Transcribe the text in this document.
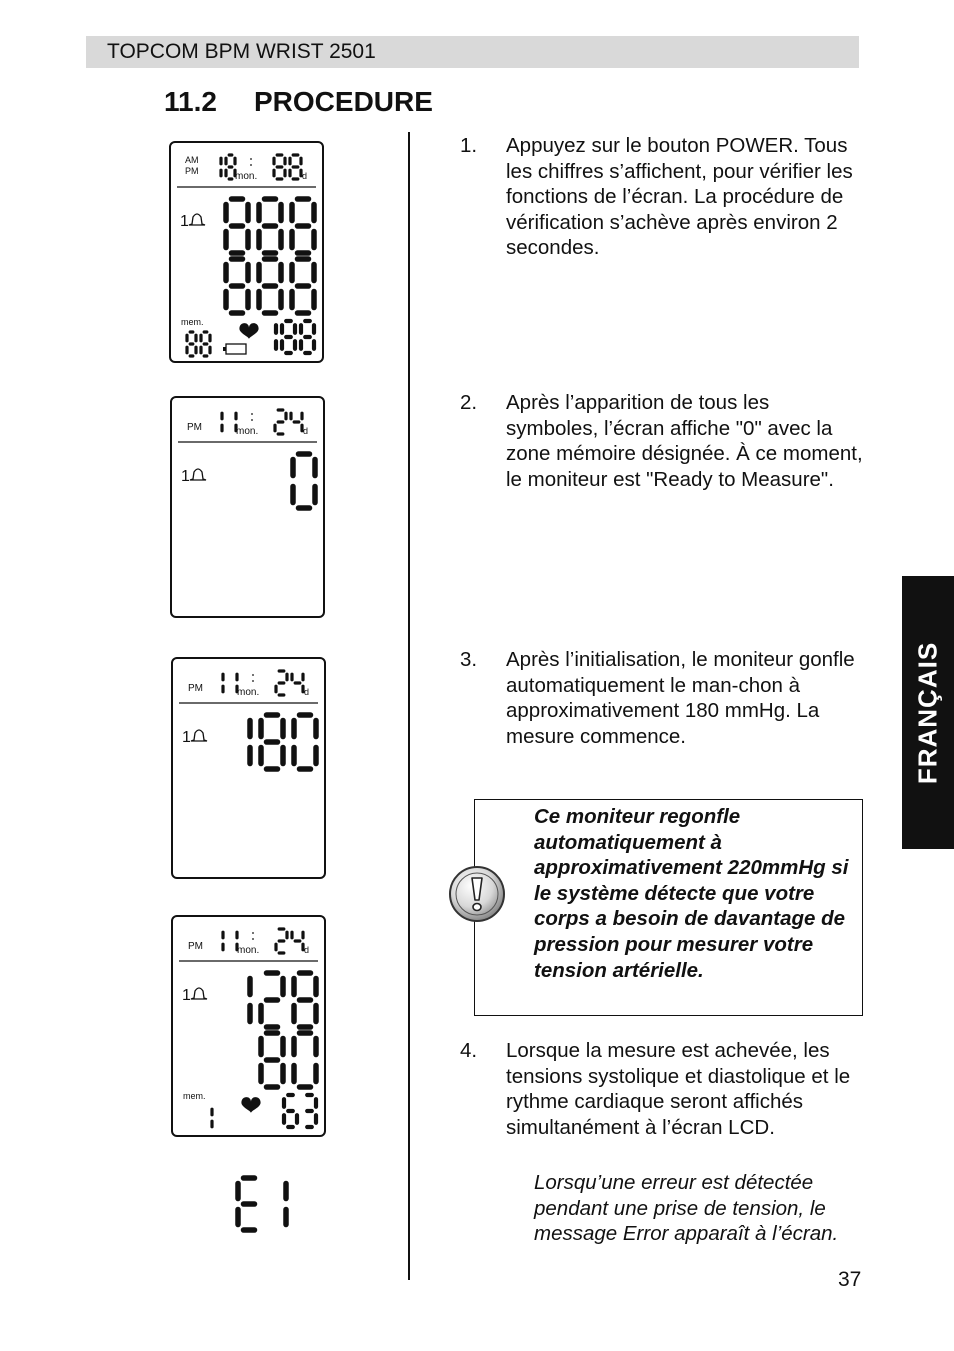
TOPCOM BPM WRIST 2501
11.2 PROCEDURE
AM
PM	mon.	d
1
mem.
PM	mon.	d
1
PM	mon.	d
1
PM	mon.	d
1
mem.
1. Appuyez sur le bouton POWER. Tous les chiffres s’affichent, pour vérifier les fonctions de l’écran. La procédure de vérification s’achève après environ 2 secondes.
2. Après l’apparition de tous les symboles, l’écran affiche "0" avec la zone mémoire désignée. À ce moment, le moniteur est "Ready to Measure".
3. Après l’initialisation, le moniteur gonfle automatiquement le man-chon à approximativement 180 mmHg. La mesure commence.
Ce moniteur regonfle automatiquement à approximativement 220mmHg si le système détecte que votre corps a besoin de davantage de pression pour mesurer votre tension artérielle.
4. Lorsque la mesure est achevée, les tensions systolique et diastolique et le rythme cardiaque seront affichés simultanément à l’écran LCD.
Lorsqu’une erreur est détectée pendant une prise de tension, le message Error apparaît à l’écran.
FRANÇAIS
37
